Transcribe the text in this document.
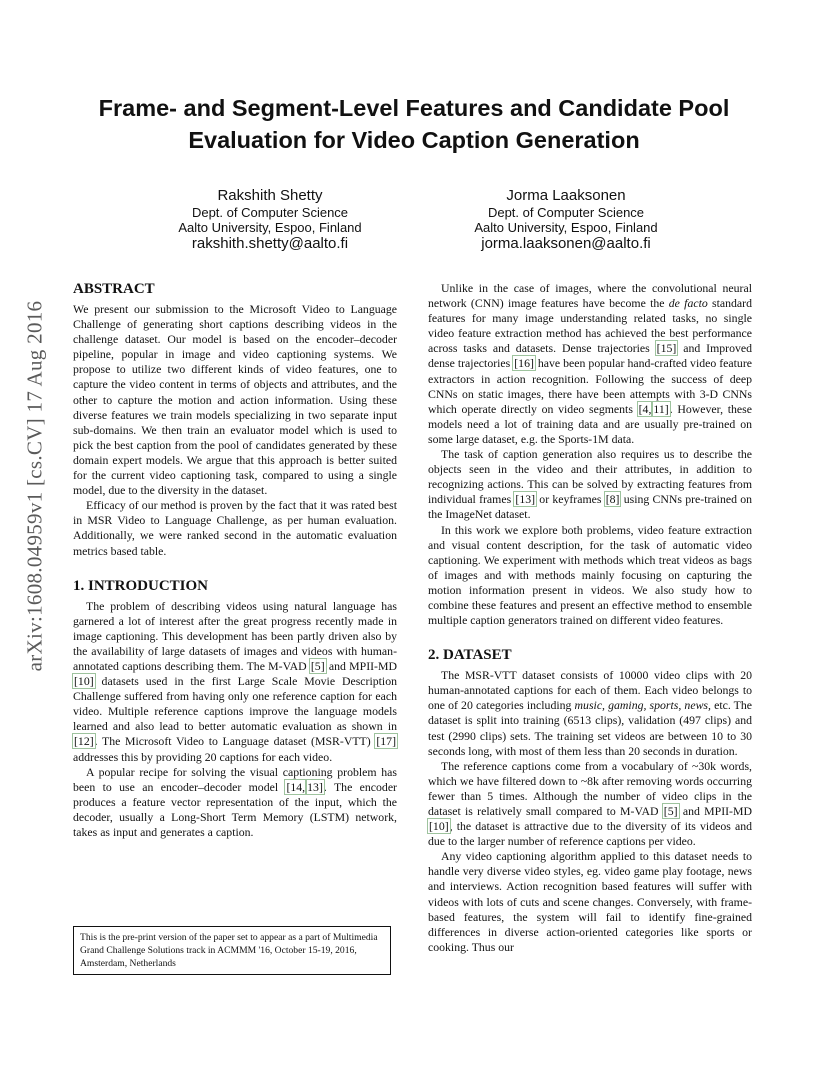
arXiv:1608.04959v1 [cs.CV] 17 Aug 2016
Frame- and Segment-Level Features and Candidate Pool
Evaluation for Video Caption Generation
Rakshith Shetty
Dept. of Computer Science
Aalto University, Espoo, Finland
rakshith.shetty@aalto.fi
Jorma Laaksonen
Dept. of Computer Science
Aalto University, Espoo, Finland
jorma.laaksonen@aalto.fi
ABSTRACT

We present our submission to the Microsoft Video to Language Challenge of generating short captions describing videos in the challenge dataset. Our model is based on the encoder–decoder pipeline, popular in image and video captioning systems. We propose to utilize two different kinds of video features, one to capture the video content in terms of objects and attributes, and the other to capture the motion and action information. Using these diverse features we train models specializing in two separate input sub-domains. We then train an evaluator model which is used to pick the best caption from the pool of candidates generated by these domain expert models. We argue that this approach is better suited for the current video captioning task, compared to using a single model, due to the diversity in the dataset.

Efficacy of our method is proven by the fact that it was rated best in MSR Video to Language Challenge, as per human evaluation. Additionally, we were ranked second in the automatic evaluation metrics based table.

1. INTRODUCTION

The problem of describing videos using natural language has garnered a lot of interest after the great progress recently made in image captioning. This development has been partly driven also by the availability of large datasets of images and videos with human-annotated captions describing them. The M-VAD [5] and MPII-MD [10] datasets used in the first Large Scale Movie Description Challenge suffered from having only one reference caption for each video. Multiple reference captions improve the language models learned and also lead to better automatic evaluation as shown in [12]. The Microsoft Video to Language dataset (MSR-VTT) [17] addresses this by providing 20 captions for each video.

A popular recipe for solving the visual captioning problem has been to use an encoder–decoder model [14, 13]. The encoder produces a feature vector representation of the input, which the decoder, usually a Long-Short Term Memory (LSTM) network, takes as input and generates a caption.

This is the pre-print version of the paper set to appear as a part of Multimedia Grand Challenge Solutions track in ACMMM '16, October 15-19, 2016, Amsterdam, Netherlands

Unlike in the case of images, where the convolutional neural network (CNN) image features have become the de facto standard features for many image understanding related tasks, no single video feature extraction method has achieved the best performance across tasks and datasets. Dense trajectories [15] and Improved dense trajectories [16] have been popular hand-crafted video feature extractors in action recognition. Following the success of deep CNNs on static images, there have been attempts with 3-D CNNs which operate directly on video segments [4, 11]. However, these models need a lot of training data and are usually pre-trained on some large dataset, e.g. the Sports-1M data.

The task of caption generation also requires us to describe the objects seen in the video and their attributes, in addition to recognizing actions. This can be solved by extracting features from individual frames [13] or keyframes [8] using CNNs pre-trained on the ImageNet dataset.

In this work we explore both problems, video feature extraction and visual content description, for the task of automatic video captioning. We experiment with methods which treat videos as bags of images and with methods mainly focusing on capturing the motion information present in videos. We also study how to combine these features and present an effective method to ensemble multiple caption generators trained on different video features.

2. DATASET

The MSR-VTT dataset consists of 10000 video clips with 20 human-annotated captions for each of them. Each video belongs to one of 20 categories including music, gaming, sports, news, etc. The dataset is split into training (6513 clips), validation (497 clips) and test (2990 clips) sets. The training set videos are between 10 to 30 seconds long, with most of them less than 20 seconds in duration.

The reference captions come from a vocabulary of ~30k words, which we have filtered down to ~8k after removing words occurring fewer than 5 times. Although the number of video clips in the dataset is relatively small compared to M-VAD [5] and MPII-MD [10], the dataset is attractive due to the diversity of its videos and due to the larger number of reference captions per video.

Any video captioning algorithm applied to this dataset needs to handle very diverse video styles, eg. video game play footage, news and interviews. Action recognition based features will suffer with videos with lots of cuts and scene changes. Conversely, with frame-based features, the system will fail to identify fine-grained differences in diverse action-oriented categories like sports or cooking. Thus our
